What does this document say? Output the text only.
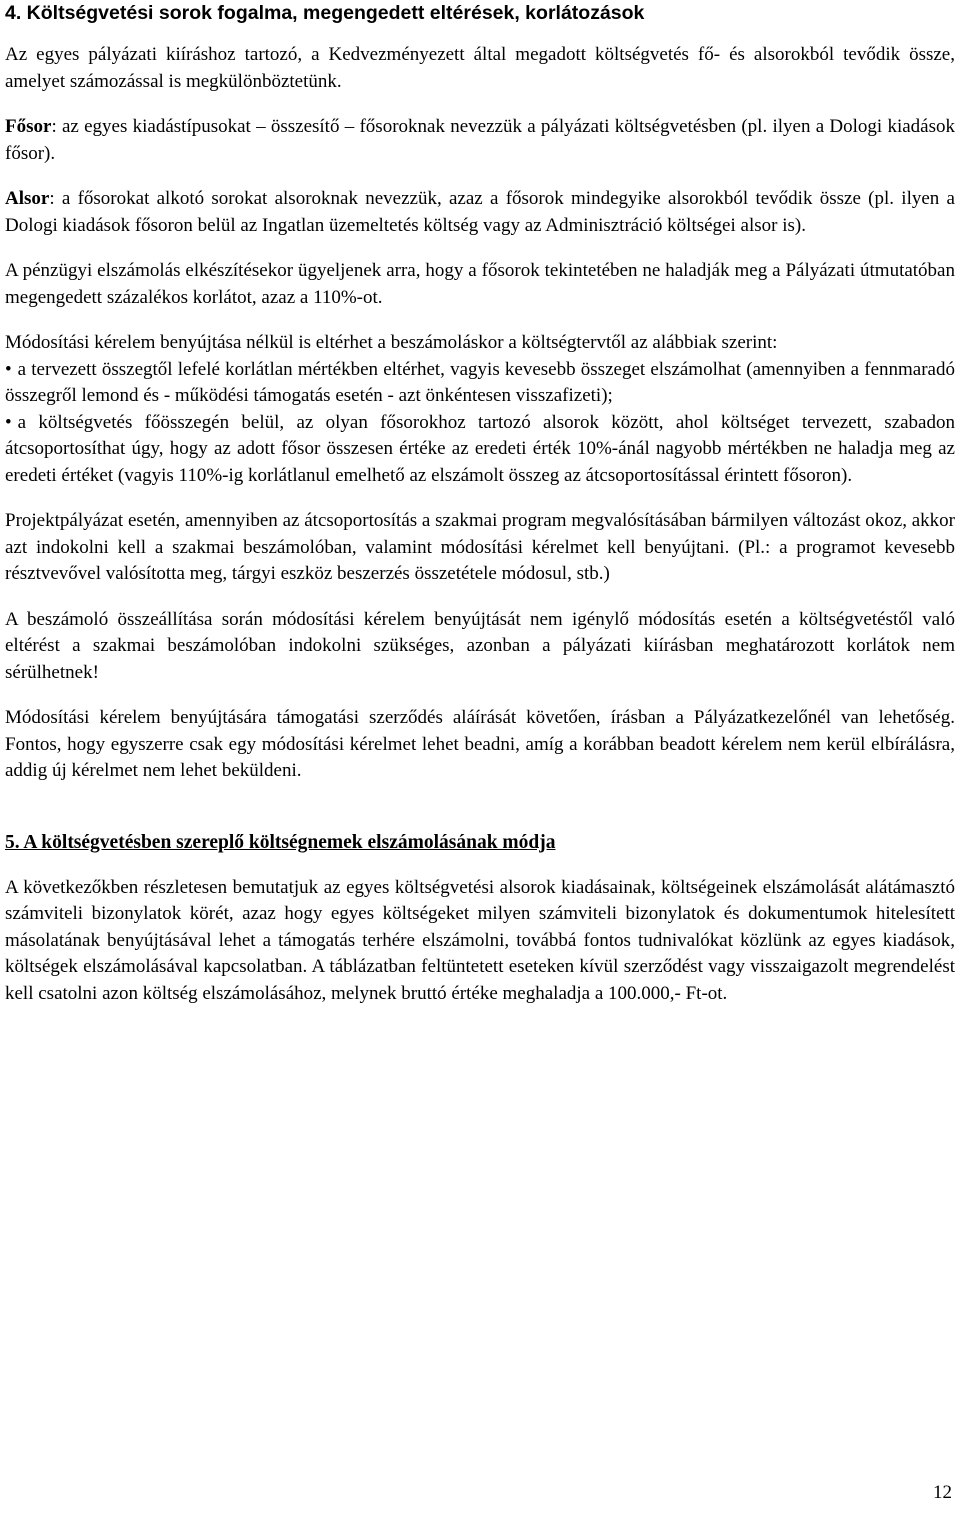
4. Költségvetési sorok fogalma, megengedett eltérések, korlátozások

Az egyes pályázati kiíráshoz tartozó, a Kedvezményezett által megadott költségvetés fő- és alsorokból tevődik össze, amelyet számozással is megkülönböztetünk.

Fősor: az egyes kiadástípusokat – összesítő – fősoroknak nevezzük a pályázati költségvetésben (pl. ilyen a Dologi kiadások fősor).

Alsor: a fősorokat alkotó sorokat alsoroknak nevezzük, azaz a fősorok mindegyike alsorokból tevődik össze (pl. ilyen a Dologi kiadások fősoron belül az Ingatlan üzemeltetés költség vagy az Adminisztráció költségei alsor is).

A pénzügyi elszámolás elkészítésekor ügyeljenek arra, hogy a fősorok tekintetében ne haladják meg a Pályázati útmutatóban megengedett százalékos korlátot, azaz a 110%-ot.

Módosítási kérelem benyújtása nélkül is eltérhet a beszámoláskor a költségtervtől az alábbiak szerint:

• a tervezett összegtől lefelé korlátlan mértékben eltérhet, vagyis kevesebb összeget elszámolhat (amennyiben a fennmaradó összegről lemond és - működési támogatás esetén - azt önkéntesen visszafizeti);

• a költségvetés főösszegén belül, az olyan fősorokhoz tartozó alsorok között, ahol költséget tervezett, szabadon átcsoportosíthat úgy, hogy az adott fősor összesen értéke az eredeti érték 10%-ánál nagyobb mértékben ne haladja meg az eredeti értéket (vagyis 110%-ig korlátlanul emelhető az elszámolt összeg az átcsoportosítással érintett fősoron).

Projektpályázat esetén, amennyiben az átcsoportosítás a szakmai program megvalósításában bármilyen változást okoz, akkor azt indokolni kell a szakmai beszámolóban, valamint módosítási kérelmet kell benyújtani. (Pl.: a programot kevesebb résztvevővel valósította meg, tárgyi eszköz beszerzés összetétele módosul, stb.)

A beszámoló összeállítása során módosítási kérelem benyújtását nem igénylő módosítás esetén a költségvetéstől való eltérést a szakmai beszámolóban indokolni szükséges, azonban a pályázati kiírásban meghatározott korlátok nem sérülhetnek!

Módosítási kérelem benyújtására támogatási szerződés aláírását követően, írásban a Pályázatkezelőnél van lehetőség. Fontos, hogy egyszerre csak egy módosítási kérelmet lehet beadni, amíg a korábban beadott kérelem nem kerül elbírálásra, addig új kérelmet nem lehet beküldeni.

5. A költségvetésben szereplő költségnemek elszámolásának módja

A következőkben részletesen bemutatjuk az egyes költségvetési alsorok kiadásainak, költségeinek elszámolását alátámasztó számviteli bizonylatok körét, azaz hogy egyes költségeket milyen számviteli bizonylatok és dokumentumok hitelesített másolatának benyújtásával lehet a támogatás terhére elszámolni, továbbá fontos tudnivalókat közlünk az egyes kiadások, költségek elszámolásával kapcsolatban. A táblázatban feltüntetett eseteken kívül szerződést vagy visszaigazolt megrendelést kell csatolni azon költség elszámolásához, melynek bruttó értéke meghaladja a 100.000,- Ft-ot.

12
